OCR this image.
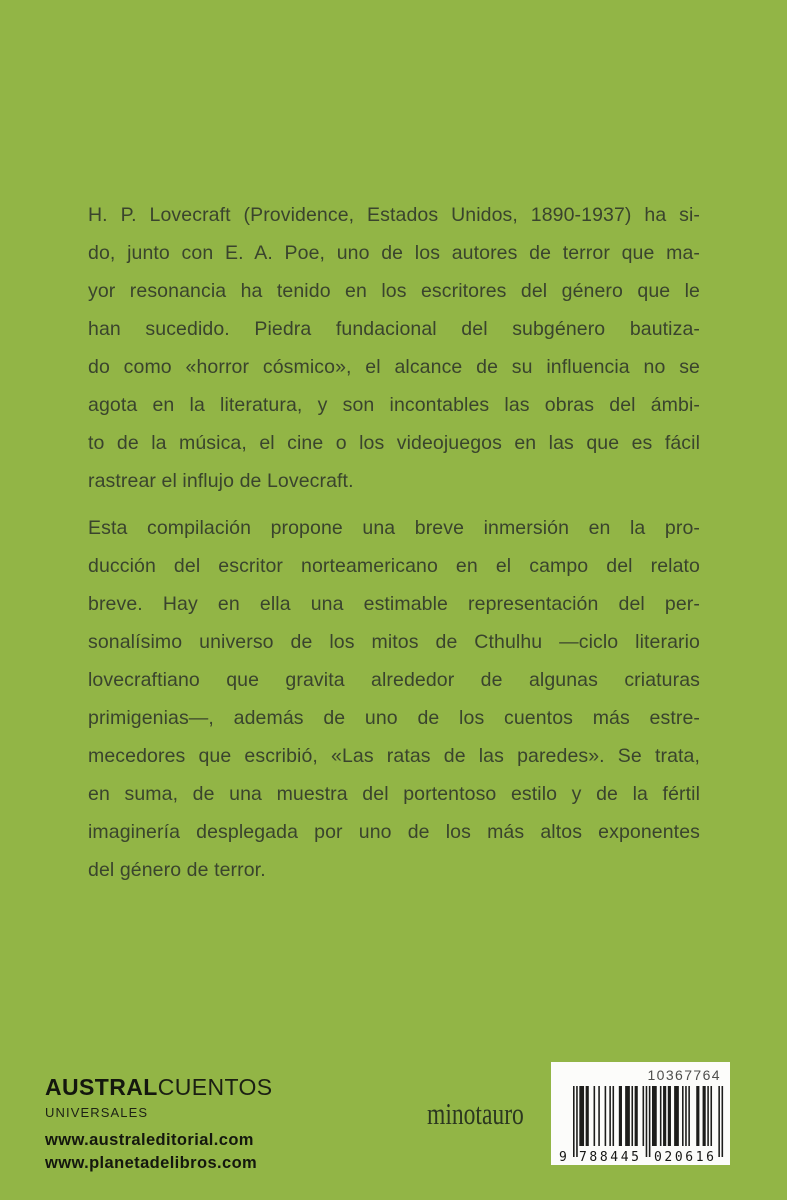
H. P. Lovecraft (Providence, Estados Unidos, 1890-1937) ha si-
do, junto con E. A. Poe, uno de los autores de terror que ma-
yor resonancia ha tenido en los escritores del género que le
han sucedido. Piedra fundacional del subgénero bautiza-
do como «horror cósmico», el alcance de su influencia no se
agota en la literatura, y son incontables las obras del ámbi-
to de la música, el cine o los videojuegos en las que es fácil
rastrear el influjo de Lovecraft.
Esta compilación propone una breve inmersión en la pro-
ducción del escritor norteamericano en el campo del relato
breve. Hay en ella una estimable representación del per-
sonalísimo universo de los mitos de Cthulhu —ciclo literario
lovecraftiano que gravita alrededor de algunas criaturas
primigenias—, además de uno de los cuentos más estre-
mecedores que escribió, «Las ratas de las paredes». Se trata,
en suma, de una muestra del portentoso estilo y de la fértil
imaginería desplegada por uno de los más altos exponentes
del género de terror.
AUSTRALCUENTOS
UNIVERSALES
www.australeditorial.com
www.planetadelibros.com
minotauro
10367764
9 788445 020616
